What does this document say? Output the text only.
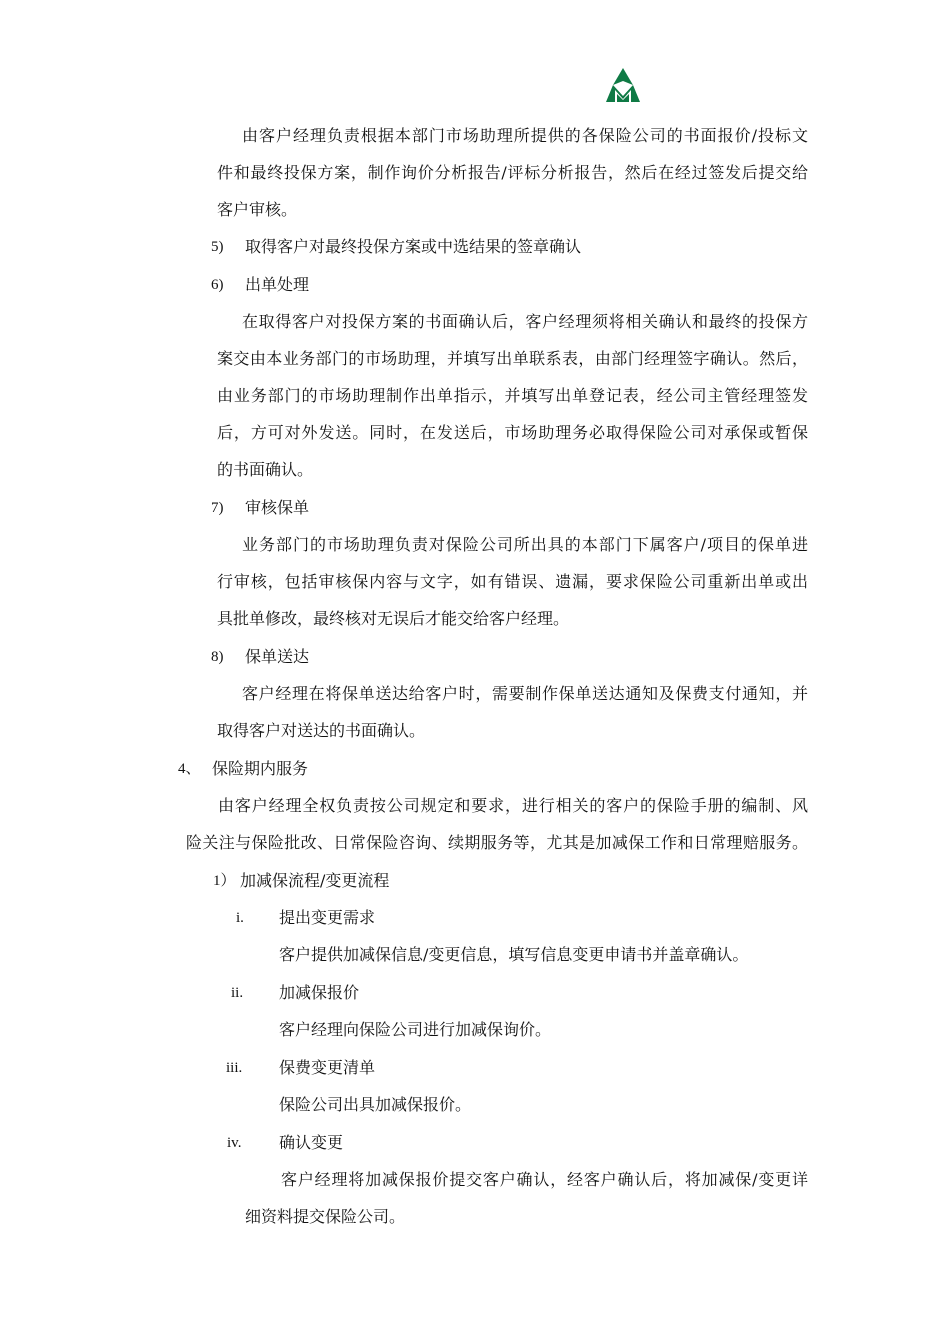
由客户经理负责根据本部门市场助理所提供的各保险公司的书面报价/投标文
件和最终投保方案，制作询价分析报告/评标分析报告，然后在经过签发后提交给
客户审核。
5) 取得客户对最终投保方案或中选结果的签章确认
6) 出单处理
在取得客户对投保方案的书面确认后，客户经理须将相关确认和最终的投保方
案交由本业务部门的市场助理，并填写出单联系表，由部门经理签字确认。然后，
由业务部门的市场助理制作出单指示，并填写出单登记表，经公司主管经理签发
后，方可对外发送。同时，在发送后，市场助理务必取得保险公司对承保或暂保
的书面确认。
7) 审核保单
业务部门的市场助理负责对保险公司所出具的本部门下属客户/项目的保单进
行审核，包括审核保内容与文字，如有错误、遗漏，要求保险公司重新出单或出
具批单修改，最终核对无误后才能交给客户经理。
8) 保单送达
客户经理在将保单送达给客户时，需要制作保单送达通知及保费支付通知，并
取得客户对送达的书面确认。
4、 保险期内服务
由客户经理全权负责按公司规定和要求，进行相关的客户的保险手册的编制、风
险关注与保险批改、日常保险咨询、续期服务等，尤其是加减保工作和日常理赔服务。
1） 加减保流程/变更流程
i. 提出变更需求
客户提供加减保信息/变更信息，填写信息变更申请书并盖章确认。
ii. 加减保报价
客户经理向保险公司进行加减保询价。
iii. 保费变更清单
保险公司出具加减保报价。
iv. 确认变更
客户经理将加减保报价提交客户确认，经客户确认后，将加减保/变更详
细资料提交保险公司。
